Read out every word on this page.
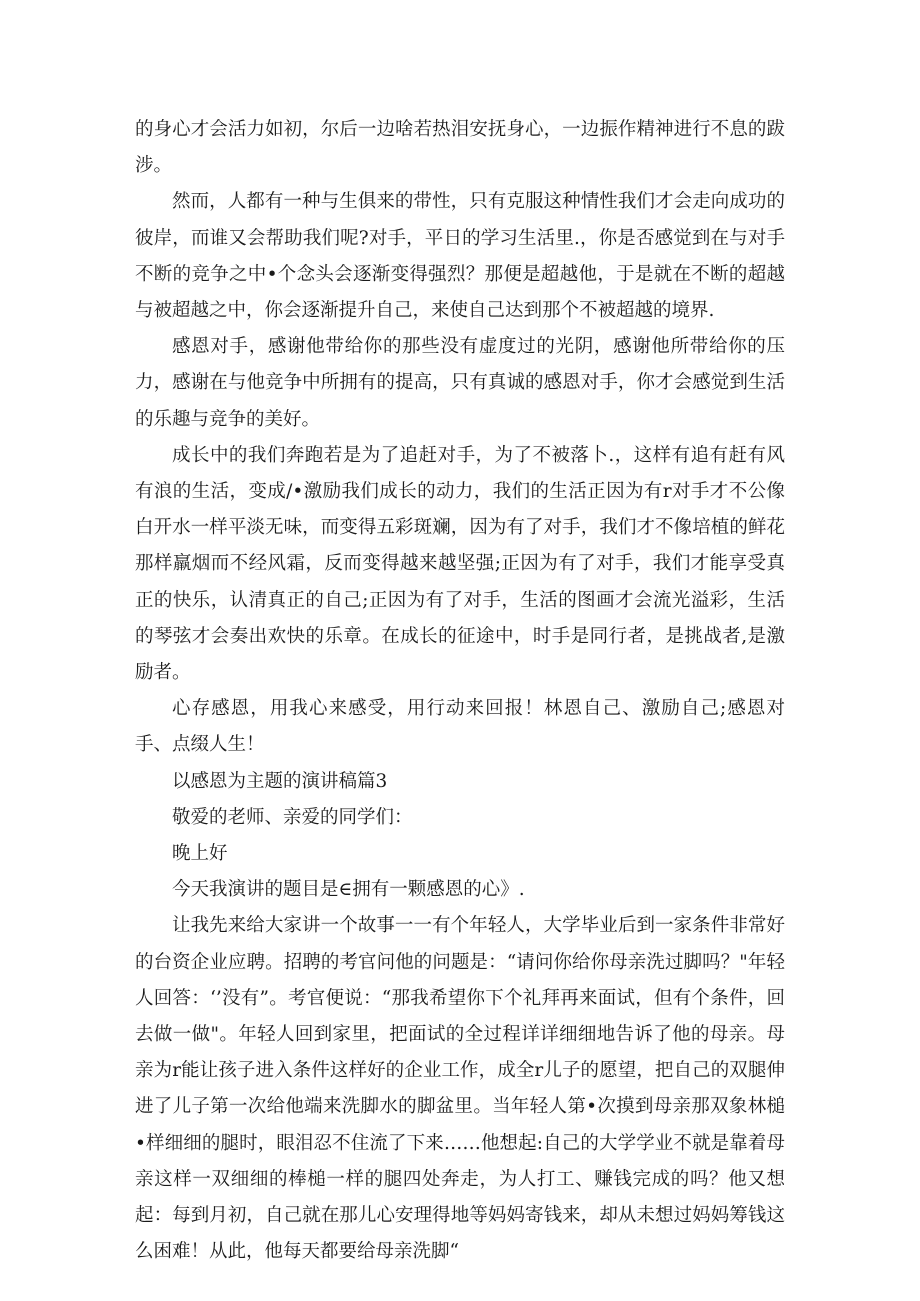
的身心才会活力如初，尔后一边啥若热泪安抚身心，一边振作精神进行不息的跋涉。

然而，人都有一种与生俱来的带性，只有克服这种情性我们才会走向成功的彼岸，而谁又会帮助我们呢?对手，平日的学习生活里.，你是否感觉到在与对手不断的竞争之中•个念头会逐渐变得强烈？那便是超越他，于是就在不断的超越与被超越之中，你会逐渐提升自己，来使自己达到那个不被超越的境界.

感恩对手，感谢他带给你的那些没有虚度过的光阴，感谢他所带给你的压力，感谢在与他竞争中所拥有的提高，只有真诚的感恩对手，你才会感觉到生活的乐趣与竞争的美好。

成长中的我们奔跑若是为了追赶对手，为了不被落卜.，这样有追有赶有风有浪的生活，变成/•激励我们成长的动力，我们的生活正因为有r对手才不公像白开水一样平淡无味，而变得五彩斑斓，因为有了对手，我们才不像培植的鲜花那样羸烟而不经风霜，反而变得越来越坚强;正因为有了对手，我们才能享受真正的快乐，认清真正的自己;正因为有了对手，生活的图画才会流光溢彩，生活的琴弦才会奏出欢快的乐章。在成长的征途中，时手是同行者，是挑战者,是激励者。

心存感恩，用我心来感受，用行动来回报！林恩自己、激励自己;感恩对手、点缀人生！

以感恩为主题的演讲稿篇3

敬爱的老师、亲爱的同学们：

晚上好

今天我演讲的题目是∈拥有一颗感恩的心》.

让我先来给大家讲一个故事一一有个年轻人，大学毕业后到一家条件非常好的台资企业应聘。招聘的考官问他的问题是：“请问你给你母亲洗过脚吗？"年轻人回答：‘’没有”。考官便说：“那我希望你下个礼拜再来面试，但有个条件，回去做一做"。年轻人回到家里，把面试的全过程详详细细地告诉了他的母亲。母亲为r能让孩子进入条件这样好的企业工作，成全r儿子的愿望，把自己的双腿伸进了儿子第一次给他端来洗脚水的脚盆里。当年轻人第•次摸到母亲那双象林槌•样细细的腿时，眼泪忍不住流了下来……他想起:自己的大学学业不就是靠着母亲这样一双细细的棒槌一样的腿四处奔走，为人打工、赚钱完成的吗？他又想起：每到月初，自己就在那儿心安理得地等妈妈寄钱来，却从未想过妈妈筹钱这么困难！从此，他每天都要给母亲洗脚“
